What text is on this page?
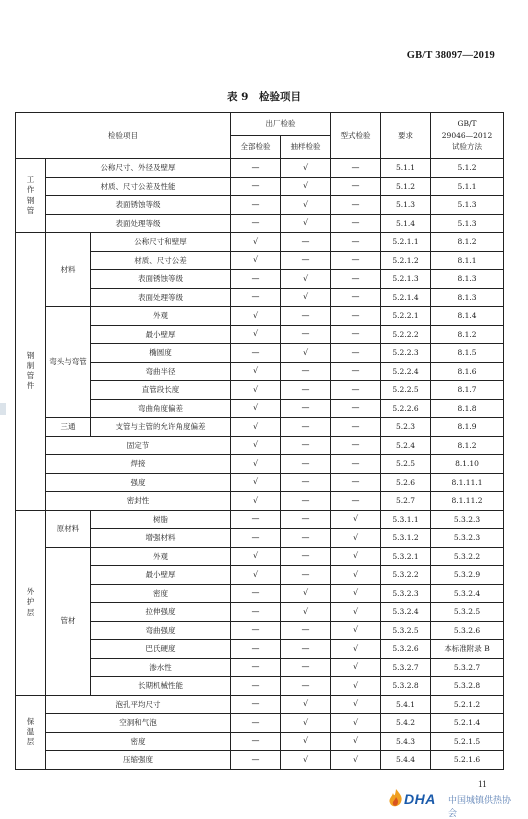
GB/T 38097—2019
表 9　检验项目
检验项目			出厂检验		型式检验	要求	GB/T
29046—2012
试验方法

			全部检验	抽样检验			

工作钢管	公称尺寸、外径及壁厚		—	√	—	5.1.1	5.1.2
	材质、尺寸公差及性能		—	√	—	5.1.2	5.1.1
	表面锈蚀等级		—	√	—	5.1.3	5.1.3
	表面处理等级		—	√	—	5.1.4	5.1.3

钢制管件	材料	公称尺寸和壁厚	√	—	—	5.2.1.1	8.1.2
		材质、尺寸公差	√	—	—	5.2.1.2	8.1.1
		表面锈蚀等级	—	√	—	5.2.1.3	8.1.3
		表面处理等级	—	√	—	5.2.1.4	8.1.3
	弯头与弯管	外观	√	—	—	5.2.2.1	8.1.4
		最小壁厚	√	—	—	5.2.2.2	8.1.2
		椭圆度	—	√	—	5.2.2.3	8.1.5
		弯曲半径	√	—	—	5.2.2.4	8.1.6
		直管段长度	√	—	—	5.2.2.5	8.1.7
		弯曲角度偏差	√	—	—	5.2.2.6	8.1.8
	三通	支管与主管的允许角度偏差	√	—	—	5.2.3	8.1.9
	固定节		√	—	—	5.2.4	8.1.2
	焊接		√	—	—	5.2.5	8.1.10
	强度		√	—	—	5.2.6	8.1.11.1
	密封性		√	—	—	5.2.7	8.1.11.2

外护层	原材料	树脂	—	—	√	5.3.1.1	5.3.2.3
		增强材料	—	—	√	5.3.1.2	5.3.2.3
	管材	外观	√	—	√	5.3.2.1	5.3.2.2
		最小壁厚	√	—	√	5.3.2.2	5.3.2.9
		密度	—	√	√	5.3.2.3	5.3.2.4
		拉伸强度	—	√	√	5.3.2.4	5.3.2.5
		弯曲强度	—	—	√	5.3.2.5	5.3.2.6
		巴氏硬度	—	—	√	5.3.2.6	本标准附录 B
		渗水性	—	—	√	5.3.2.7	5.3.2.7
		长期机械性能	—	—	√	5.3.2.8	5.3.2.8

保温层	泡孔平均尺寸		—	√	√	5.4.1	5.2.1.2
	空洞和气泡		—	√	√	5.4.2	5.2.1.4
	密度		—	√	√	5.4.3	5.2.1.5
	压缩强度		—	√	√	5.4.4	5.2.1.6
11
DHA 中国城镇供热协会
